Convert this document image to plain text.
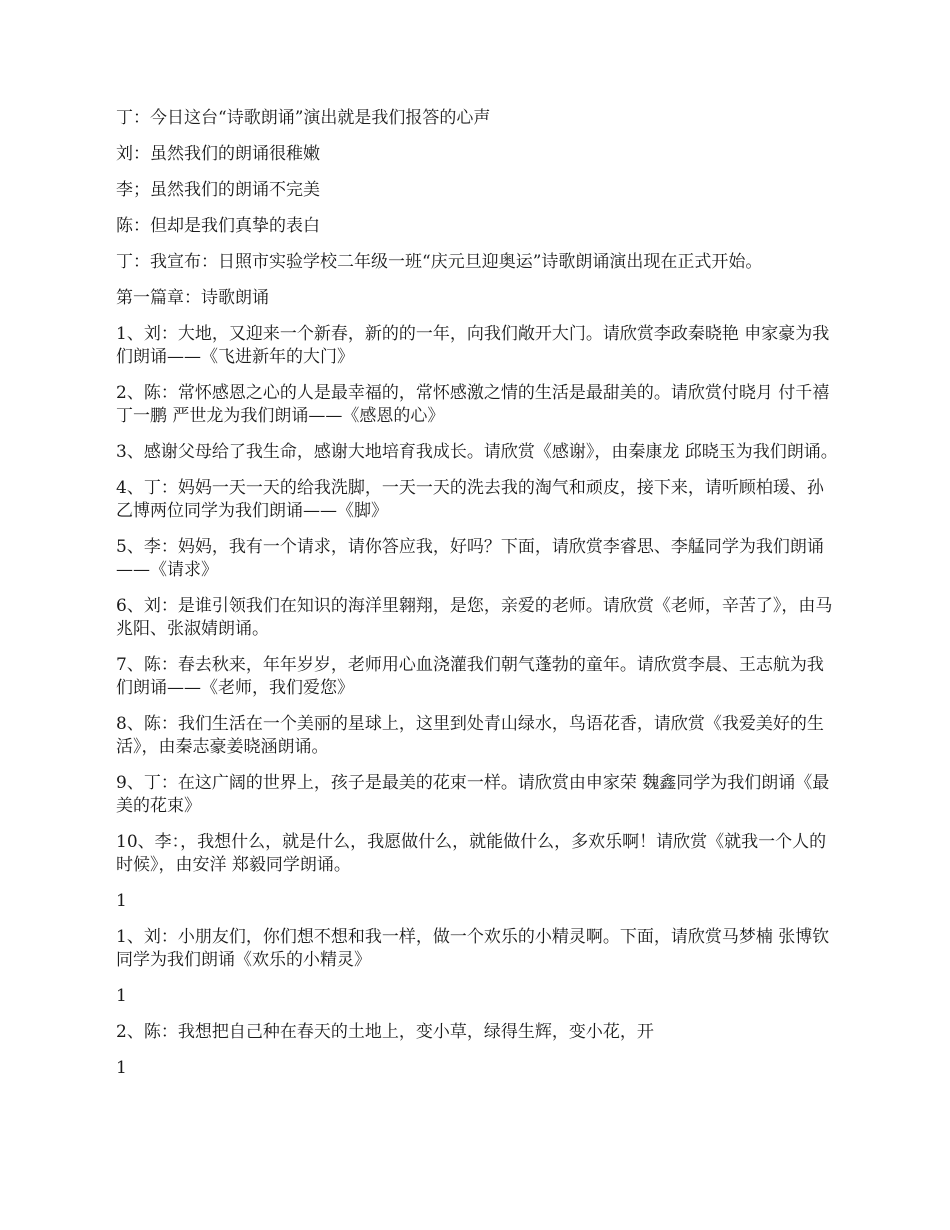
丁：今日这台“诗歌朗诵”演出就是我们报答的心声

刘：虽然我们的朗诵很稚嫩

李；虽然我们的朗诵不完美

陈：但却是我们真挚的表白

丁：我宣布：日照市实验学校二年级一班“庆元旦迎奥运”诗歌朗诵演出现在正式开始。

第一篇章：诗歌朗诵

1、刘：大地，又迎来一个新春，新的的一年，向我们敞开大门。请欣赏李政秦晓艳 申家豪为我们朗诵——《飞进新年的大门》

2、陈：常怀感恩之心的人是最幸福的，常怀感激之情的生活是最甜美的。请欣赏付晓月 付千禧 丁一鹏 严世龙为我们朗诵——《感恩的心》

3、感谢父母给了我生命，感谢大地培育我成长。请欣赏《感谢》，由秦康龙 邱晓玉为我们朗诵。

4、丁：妈妈一天一天的给我洗脚，一天一天的洗去我的淘气和顽皮，接下来，请听顾柏瑗、孙乙博两位同学为我们朗诵——《脚》

5、李：妈妈，我有一个请求，请你答应我，好吗？下面，请欣赏李睿思、李艋同学为我们朗诵——《请求》

6、刘：是谁引领我们在知识的海洋里翱翔，是您，亲爱的老师。请欣赏《老师，辛苦了》，由马兆阳、张淑婧朗诵。

7、陈：春去秋来，年年岁岁，老师用心血浇灌我们朝气蓬勃的童年。请欣赏李晨、王志航为我们朗诵——《老师，我们爱您》

8、陈：我们生活在一个美丽的星球上，这里到处青山绿水，鸟语花香，请欣赏《我爱美好的生活》，由秦志豪姜晓涵朗诵。

9、丁：在这广阔的世界上，孩子是最美的花束一样。请欣赏由申家荣 魏鑫同学为我们朗诵《最美的花束》

10、李：，我想什么，就是什么，我愿做什么，就能做什么，多欢乐啊！请欣赏《就我一个人的时候》，由安洋 郑毅同学朗诵。

1

1、刘：小朋友们，你们想不想和我一样，做一个欢乐的小精灵啊。下面，请欣赏马梦楠 张博钦同学为我们朗诵《欢乐的小精灵》

1

2、陈：我想把自己种在春天的土地上，变小草，绿得生辉，变小花，开

1
